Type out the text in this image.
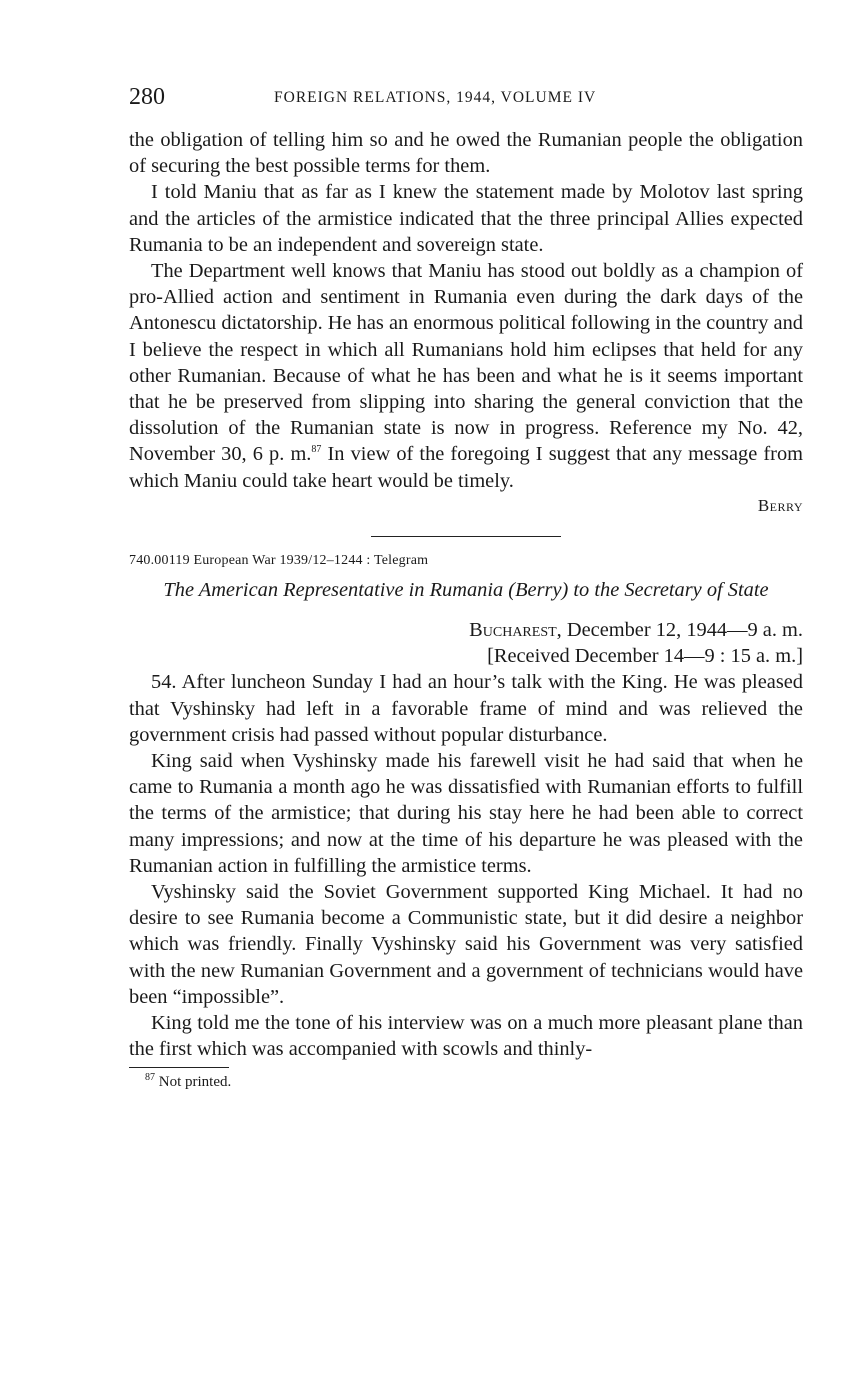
280	FOREIGN RELATIONS, 1944, VOLUME IV

the obligation of telling him so and he owed the Rumanian people the obligation of securing the best possible terms for them.

I told Maniu that as far as I knew the statement made by Molotov last spring and the articles of the armistice indicated that the three principal Allies expected Rumania to be an independent and sovereign state.

The Department well knows that Maniu has stood out boldly as a champion of pro-Allied action and sentiment in Rumania even during the dark days of the Antonescu dictatorship. He has an enormous political following in the country and I believe the respect in which all Rumanians hold him eclipses that held for any other Rumanian. Because of what he has been and what he is it seems important that he be preserved from slipping into sharing the general conviction that the dissolution of the Rumanian state is now in progress. Reference my No. 42, November 30, 6 p. m.$^{87}$ In view of the foregoing I suggest that any message from which Maniu could take heart would be timely.

Berry
740.00119 European War 1939/12–1244 : Telegram
The American Representative in Rumania (Berry) to the Secretary of State
Bucharest, December 12, 1944—9 a. m.
[Received December 14—9 : 15 a. m.]

54. After luncheon Sunday I had an hour’s talk with the King. He was pleased that Vyshinsky had left in a favorable frame of mind and was relieved the government crisis had passed without popular disturbance.

King said when Vyshinsky made his farewell visit he had said that when he came to Rumania a month ago he was dissatisfied with Rumanian efforts to fulfill the terms of the armistice; that during his stay here he had been able to correct many impressions; and now at the time of his departure he was pleased with the Rumanian action in fulfilling the armistice terms.

Vyshinsky said the Soviet Government supported King Michael. It had no desire to see Rumania become a Communistic state, but it did desire a neighbor which was friendly. Finally Vyshinsky said his Government was very satisfied with the new Rumanian Government and a government of technicians would have been “impossible”.

King told me the tone of his interview was on a much more pleasant plane than the first which was accompanied with scowls and thinly-

$^{87}$ Not printed.
